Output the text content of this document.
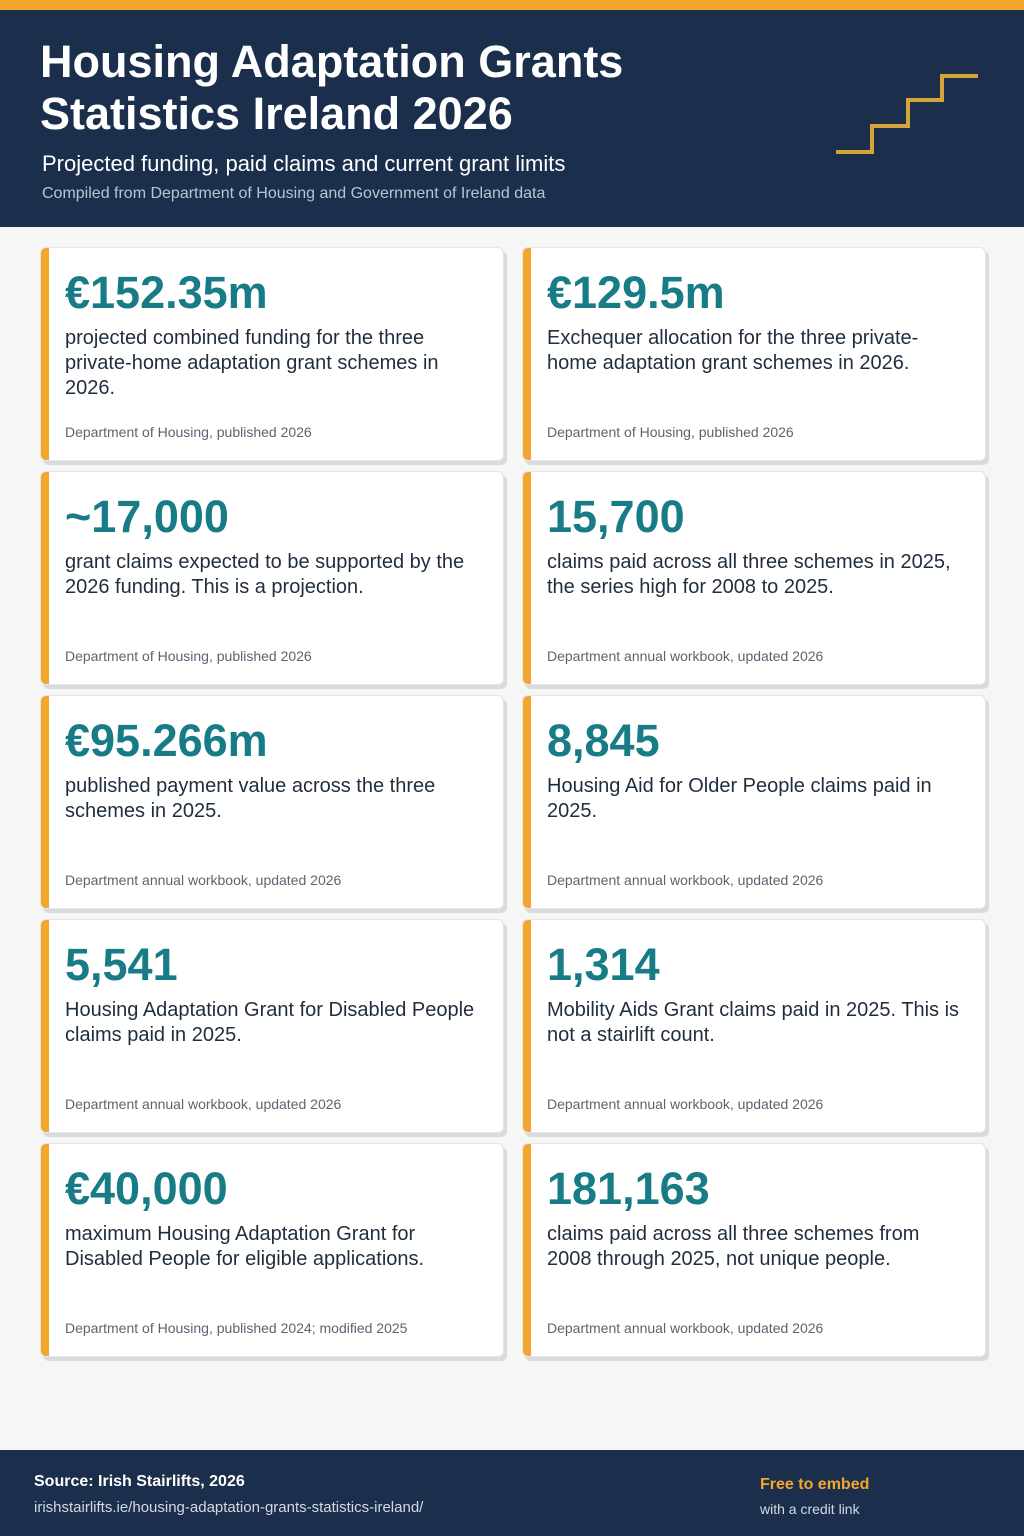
Housing Adaptation Grants Statistics Ireland 2026
Projected funding, paid claims and current grant limits
Compiled from Department of Housing and Government of Ireland data
€152.35m
projected combined funding for the three private-home adaptation grant schemes in 2026.
Department of Housing, published 2026
€129.5m
Exchequer allocation for the three private-home adaptation grant schemes in 2026.
Department of Housing, published 2026
~17,000
grant claims expected to be supported by the 2026 funding. This is a projection.
Department of Housing, published 2026
15,700
claims paid across all three schemes in 2025, the series high for 2008 to 2025.
Department annual workbook, updated 2026
€95.266m
published payment value across the three schemes in 2025.
Department annual workbook, updated 2026
8,845
Housing Aid for Older People claims paid in 2025.
Department annual workbook, updated 2026
5,541
Housing Adaptation Grant for Disabled People claims paid in 2025.
Department annual workbook, updated 2026
1,314
Mobility Aids Grant claims paid in 2025. This is not a stairlift count.
Department annual workbook, updated 2026
€40,000
maximum Housing Adaptation Grant for Disabled People for eligible applications.
Department of Housing, published 2024; modified 2025
181,163
claims paid across all three schemes from 2008 through 2025, not unique people.
Department annual workbook, updated 2026
Source: Irish Stairlifts, 2026
irishstairlifts.ie/housing-adaptation-grants-statistics-ireland/
Free to embed
with a credit link
